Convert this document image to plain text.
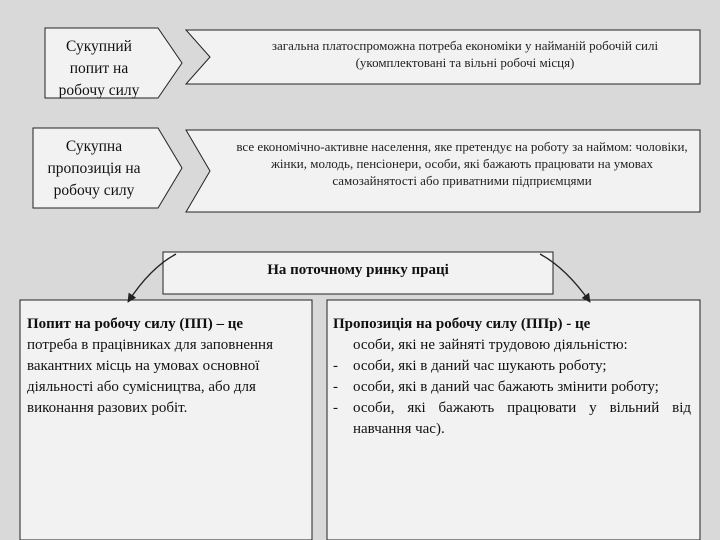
Сукупний
попит на
робочу силу
загальна платоспроможна потреба економіки у найманій робочій силі (укомплектовані та вільні робочі місця)
Сукупна
пропозиція на
робочу силу
все економічно-активне населення, яке претендує на роботу за наймом: чоловіки, жінки, молодь, пенсіонери, особи, які бажають працювати на умовах самозайнятості або приватними підприємцями
На поточному ринку праці
Попит на робочу силу (ПП) – це потреба в працівниках для заповнення вакантних місць на умовах основної діяльності або сумісництва, або для виконання разових робіт.
Пропозиція на робочу силу (ППр) - це
особи, які не зайняті трудовою діяльністю:
-	особи, які в даний час шукають роботу;
-	особи, які в даний час бажають змінити роботу;
-	особи, які бажають працювати у вільний від навчання час).
